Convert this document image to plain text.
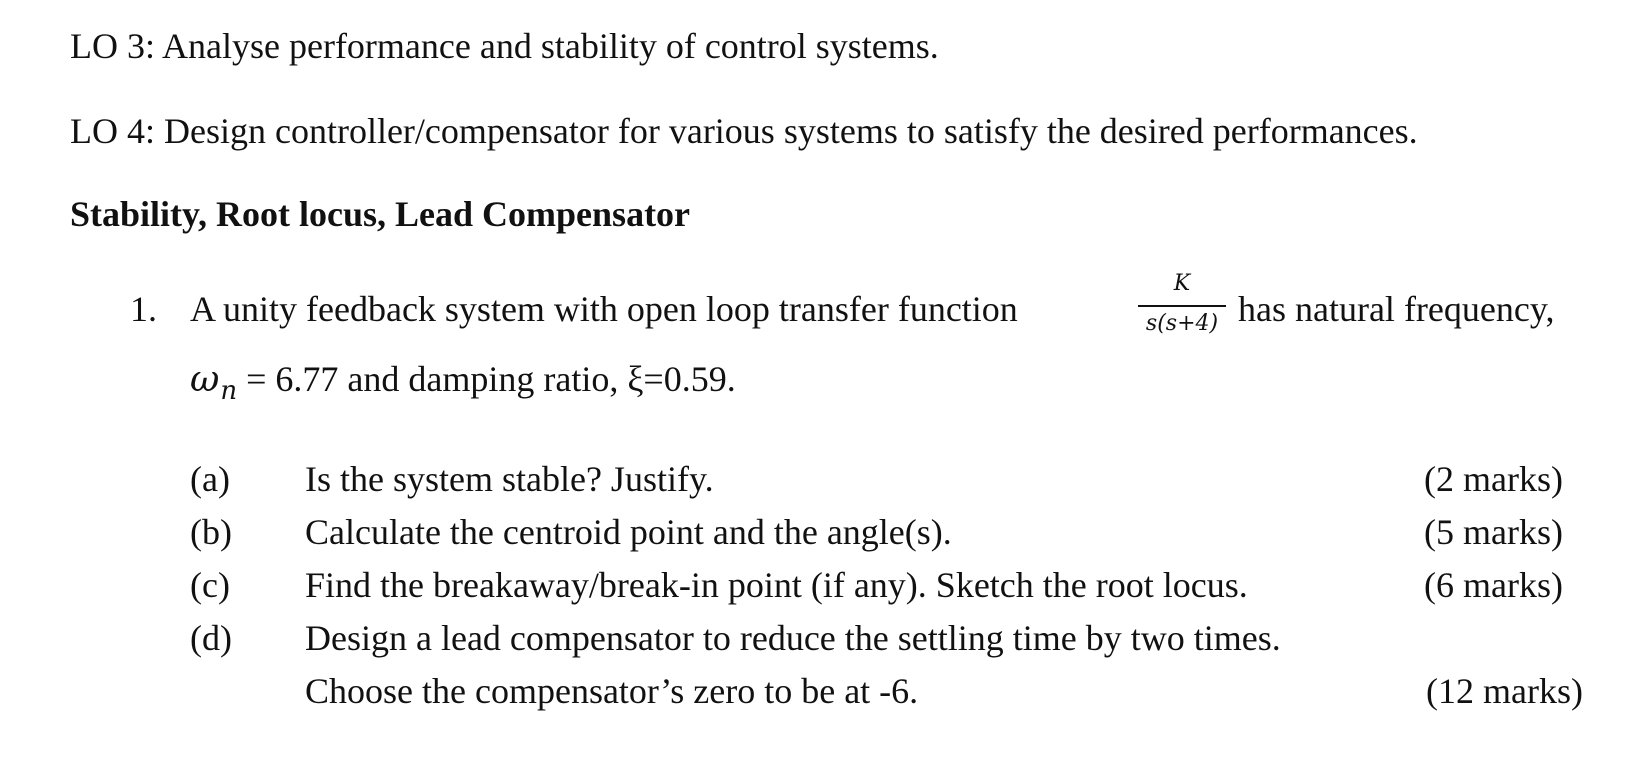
LO 3: Analyse performance and stability of control systems.
LO 4: Design controller/compensator for various systems to satisfy the desired performances.
Stability, Root locus, Lead Compensator
1. A unity feedback system with open loop transfer function
K
s(s+4) has natural frequency,
$\omega_n = 6.77$ and damping ratio, ξ=0.59.
(a) Is the system stable? Justify.	(2 marks)
(b) Calculate the centroid point and the angle(s).	(5 marks)
(c) Find the breakaway/break-in point (if any). Sketch the root locus.	(6 marks)
(d) Design a lead compensator to reduce the settling time by two times.
Choose the compensator’s zero to be at -6.	(12 marks)
